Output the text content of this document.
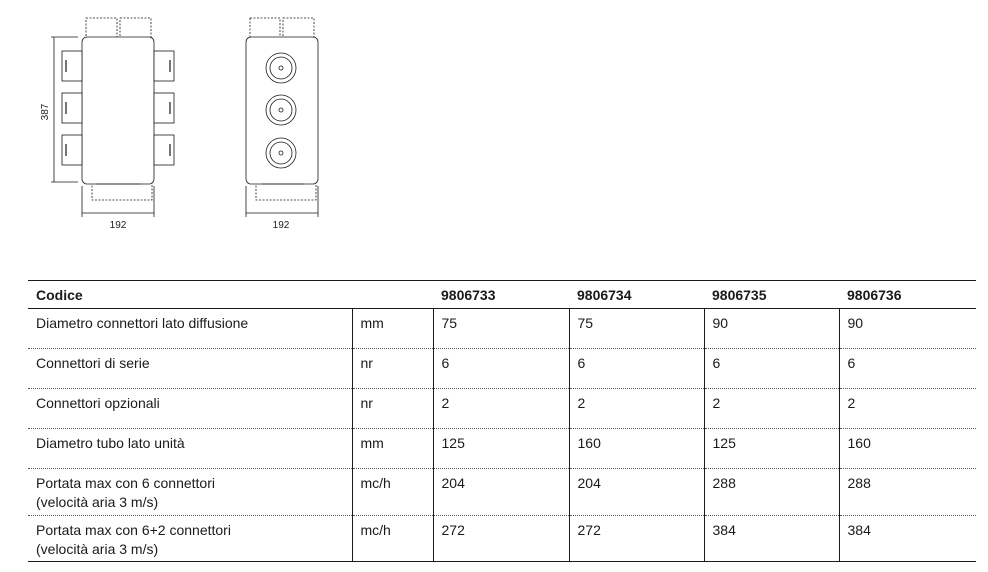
387
192	192
Codice		9806733	9806734	9806735	9806736
Diametro connettori lato diffusione	mm	75	75	90	90
Connettori di serie	nr	6	6	6	6
Connettori opzionali	nr	2	2	2	2
Diametro tubo lato unità	mm	125	160	125	160
Portata max con 6 connettori
(velocità aria 3 m/s)	mc/h	204	204	288	288
Portata max con 6+2 connettori
(velocità aria 3 m/s)	mc/h	272	272	384	384
